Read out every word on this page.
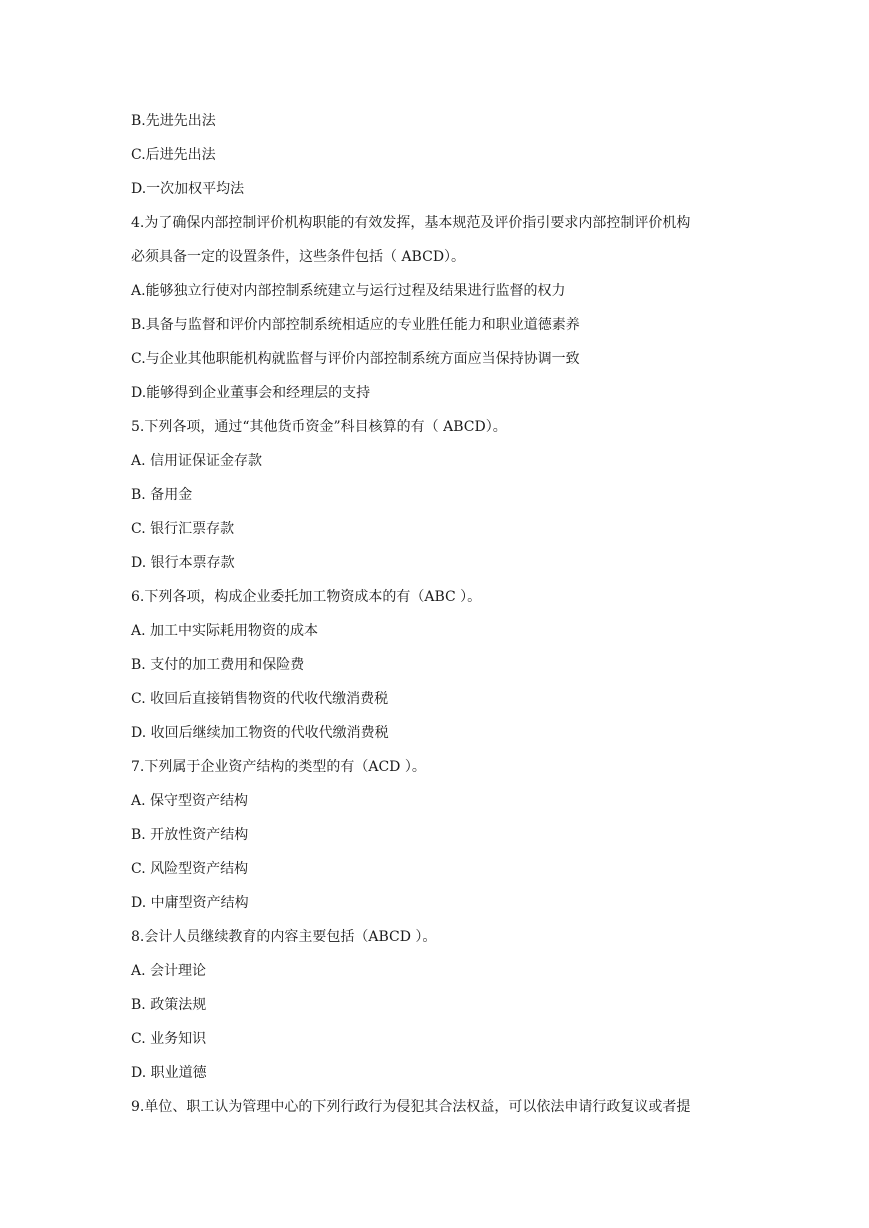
B.先进先出法
C.后进先出法
D.一次加权平均法
4.为了确保内部控制评价机构职能的有效发挥，基本规范及评价指引要求内部控制评价机构
必须具备一定的设置条件，这些条件包括（ ABCD）。
A.能够独立行使对内部控制系统建立与运行过程及结果进行监督的权力
B.具备与监督和评价内部控制系统相适应的专业胜任能力和职业道德素养
C.与企业其他职能机构就监督与评价内部控制系统方面应当保持协调一致
D.能够得到企业董事会和经理层的支持
5.下列各项，通过“其他货币资金”科目核算的有（ ABCD）。
A. 信用证保证金存款
B. 备用金
C. 银行汇票存款
D. 银行本票存款
6.下列各项，构成企业委托加工物资成本的有（ABC ）。
A. 加工中实际耗用物资的成本
B. 支付的加工费用和保险费
C. 收回后直接销售物资的代收代缴消费税
D. 收回后继续加工物资的代收代缴消费税
7.下列属于企业资产结构的类型的有（ACD ）。
A. 保守型资产结构
B. 开放性资产结构
C. 风险型资产结构
D. 中庸型资产结构
8.会计人员继续教育的内容主要包括（ABCD ）。
A. 会计理论
B. 政策法规
C. 业务知识
D. 职业道德
9.单位、职工认为管理中心的下列行政行为侵犯其合法权益，可以依法申请行政复议或者提
